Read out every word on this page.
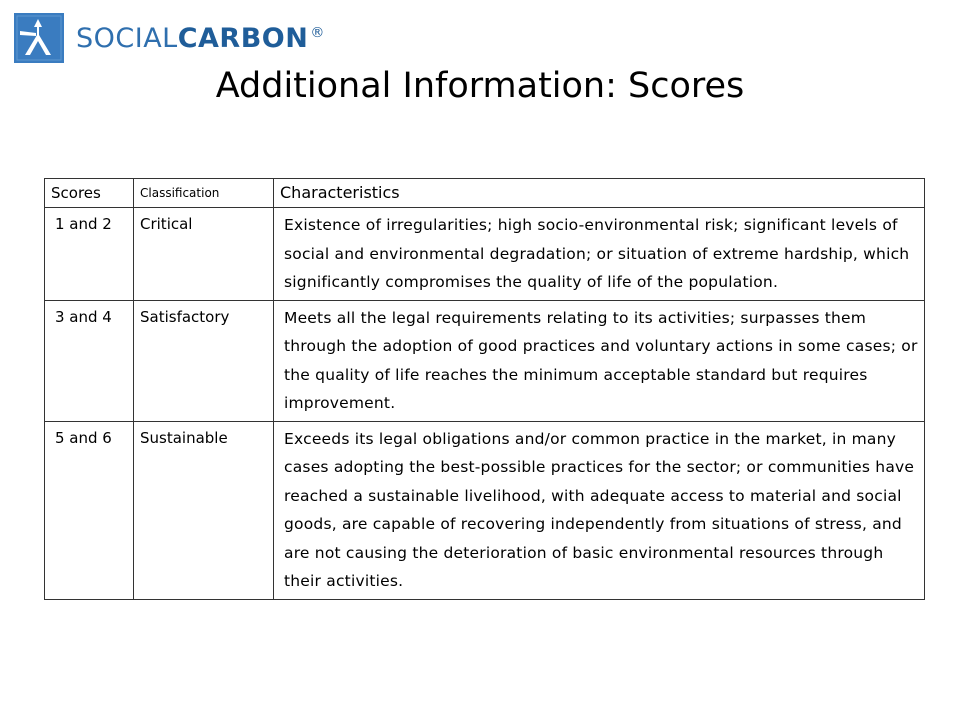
SOCIAL CARBON ®
Additional Information: Scores
Scores	Classification	Characteristics
1 and 2	Critical	Existence of irregularities; high socio-environmental risk; significant levels of social and environmental degradation; or situation of extreme hardship, which significantly compromises the quality of life of the population.
3 and 4	Satisfactory	Meets all the legal requirements relating to its activities; surpasses them through the adoption of good practices and voluntary actions in some cases; or the quality of life reaches the minimum acceptable standard but requires improvement.
5 and 6	Sustainable	Exceeds its legal obligations and/or common practice in the market, in many cases adopting the best-possible practices for the sector; or communities have reached a sustainable livelihood, with adequate access to material and social goods, are capable of recovering independently from situations of stress, and are not causing the deterioration of basic environmental resources through their activities.
